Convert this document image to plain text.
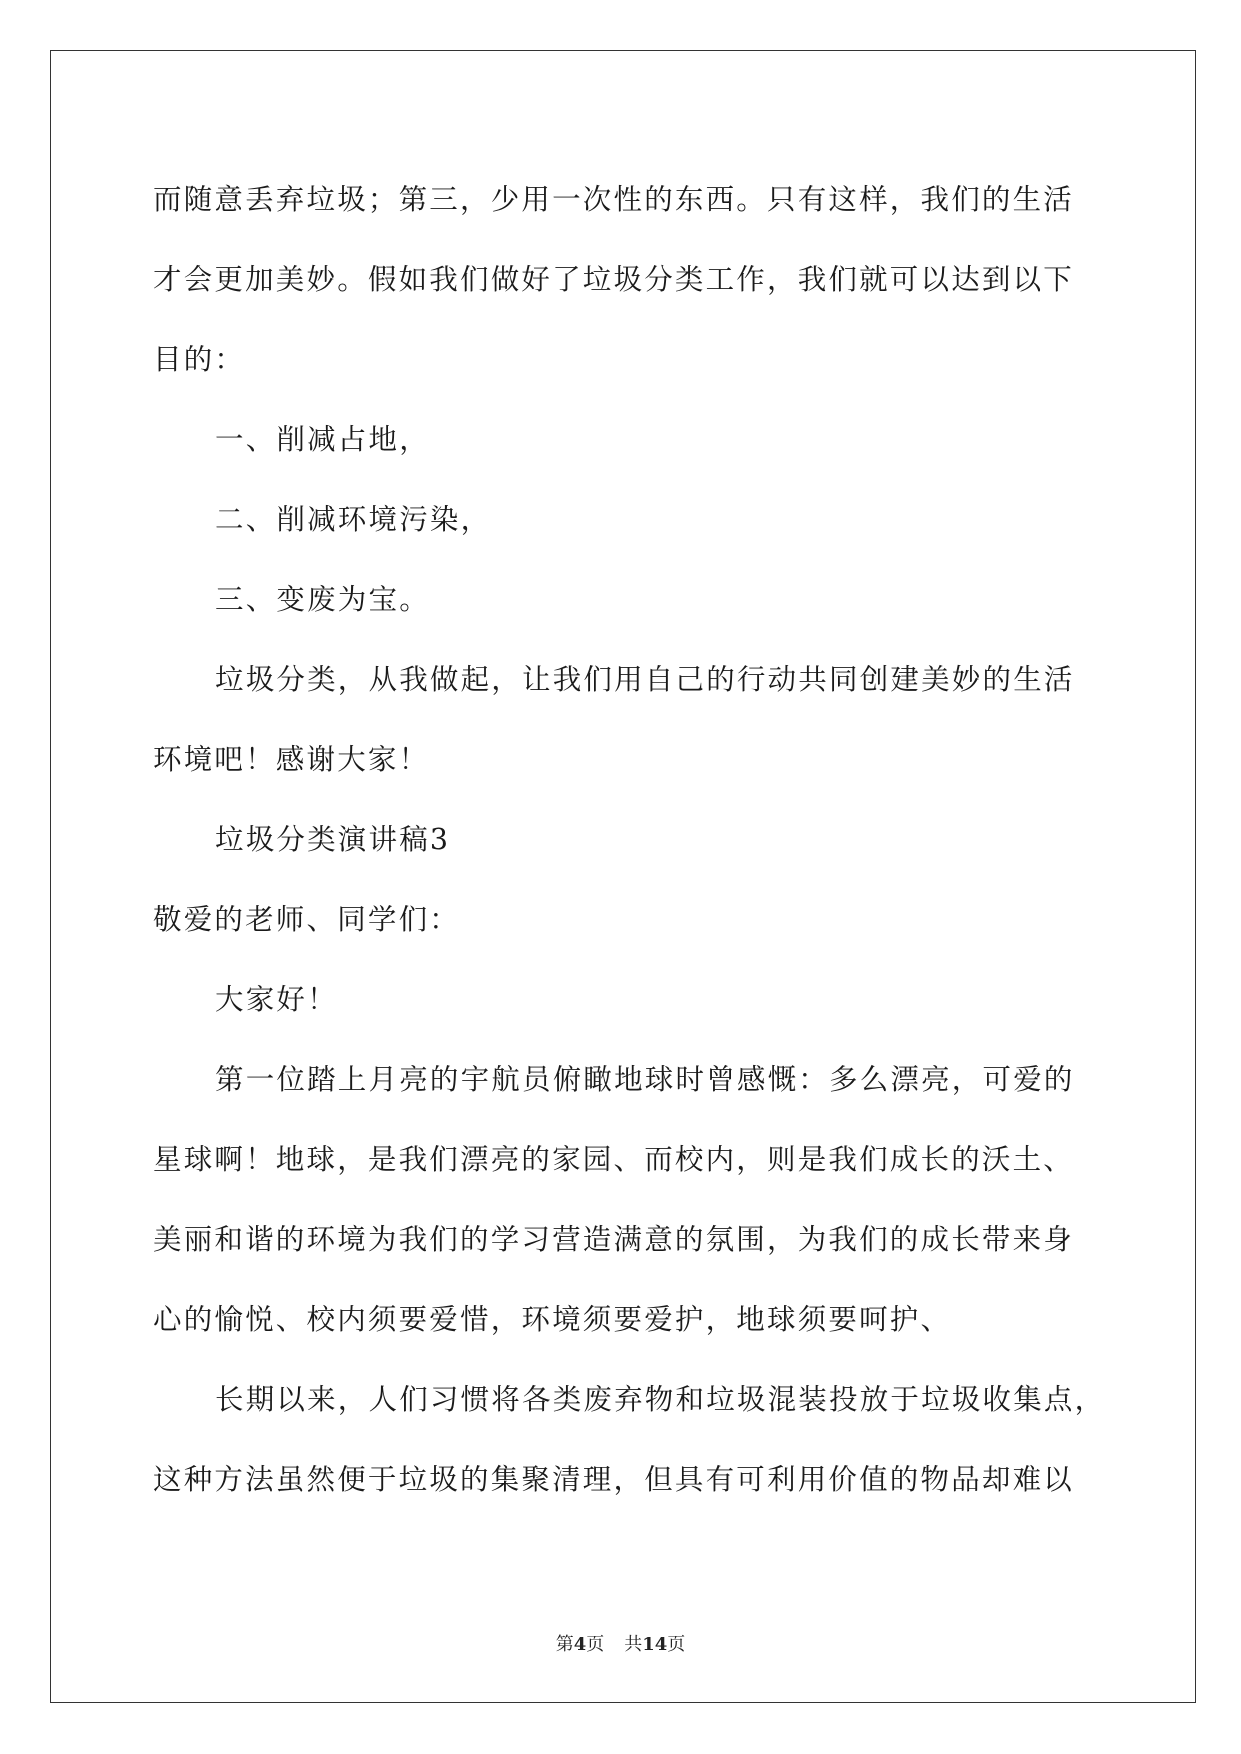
而随意丢弃垃圾；第三，少用一次性的东西。只有这样，我们的生活
才会更加美妙。假如我们做好了垃圾分类工作，我们就可以达到以下
目的：
一、削减占地，
二、削减环境污染，
三、变废为宝。
垃圾分类，从我做起，让我们用自己的行动共同创建美妙的生活
环境吧！感谢大家！
垃圾分类演讲稿3
敬爱的老师、同学们：
大家好！
第一位踏上月亮的宇航员俯瞰地球时曾感慨：多么漂亮，可爱的
星球啊！地球，是我们漂亮的家园、而校内，则是我们成长的沃土、
美丽和谐的环境为我们的学习营造满意的氛围，为我们的成长带来身
心的愉悦、校内须要爱惜，环境须要爱护，地球须要呵护、
长期以来，人们习惯将各类废弃物和垃圾混装投放于垃圾收集点，
这种方法虽然便于垃圾的集聚清理，但具有可利用价值的物品却难以
第4页 共14页
